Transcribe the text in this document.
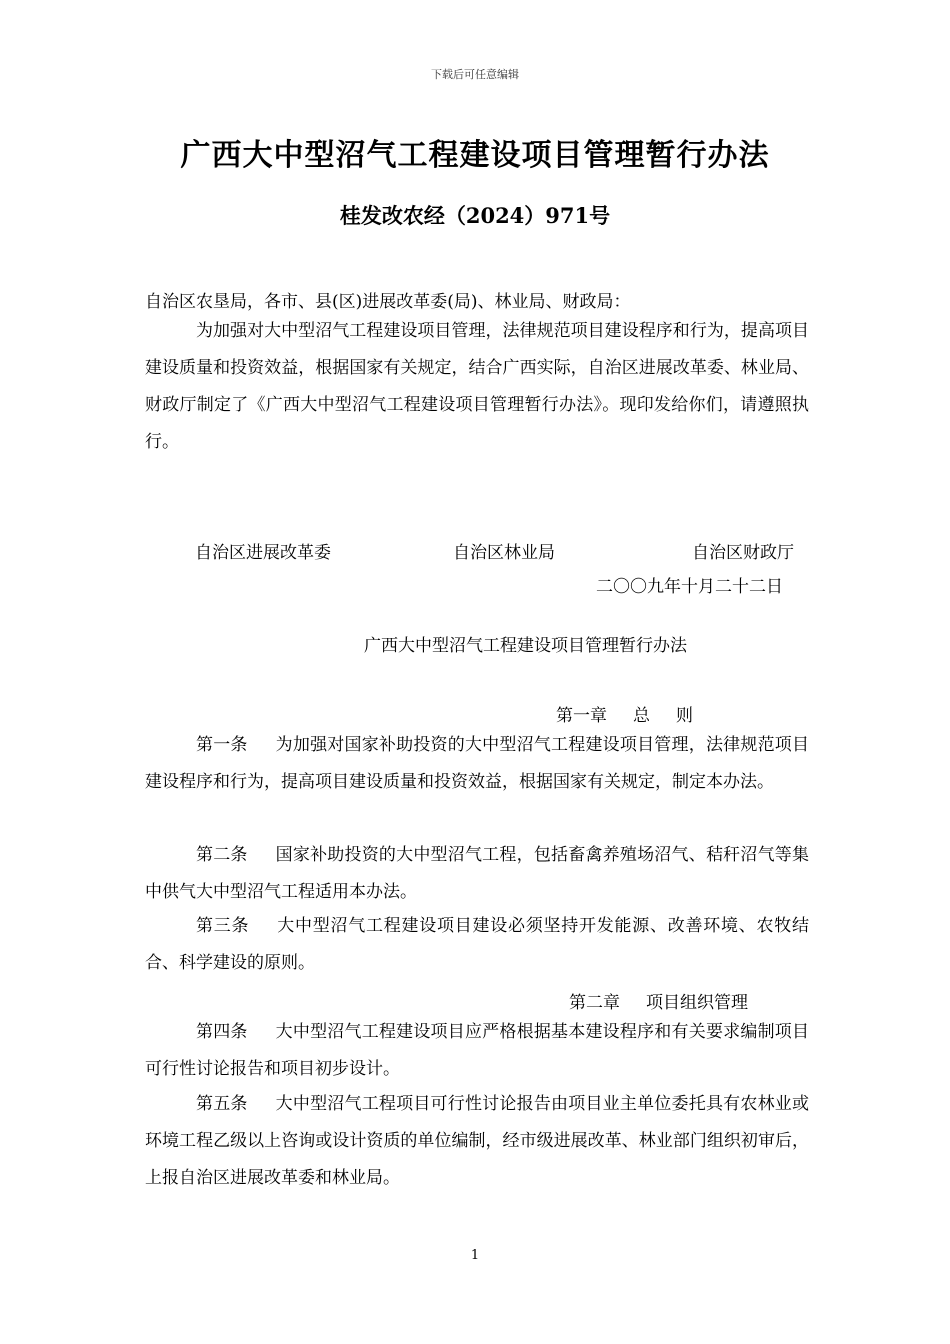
下载后可任意编辑
广西大中型沼气工程建设项目管理暂行办法
桂发改农经（2024）971号
自治区农垦局，各市、县(区)进展改革委(局)、林业局、财政局：
为加强对大中型沼气工程建设项目管理，法律规范项目建设程序和行为，提高项目建设质量和投资效益，根据国家有关规定，结合广西实际，自治区进展改革委、林业局、财政厅制定了《广西大中型沼气工程建设项目管理暂行办法》。现印发给你们，请遵照执行。
自治区进展改革委	自治区林业局	自治区财政厅
二〇〇九年十月二十二日
广西大中型沼气工程建设项目管理暂行办法
第一章 总 则
第一条 为加强对国家补助投资的大中型沼气工程建设项目管理，法律规范项目建设程序和行为，提高项目建设质量和投资效益，根据国家有关规定，制定本办法。
第二条 国家补助投资的大中型沼气工程，包括畜禽养殖场沼气、秸秆沼气等集中供气大中型沼气工程适用本办法。
第三条 大中型沼气工程建设项目建设必须坚持开发能源、改善环境、农牧结合、科学建设的原则。
第二章 项目组织管理
第四条 大中型沼气工程建设项目应严格根据基本建设程序和有关要求编制项目可行性讨论报告和项目初步设计。
第五条 大中型沼气工程项目可行性讨论报告由项目业主单位委托具有农林业或环境工程乙级以上咨询或设计资质的单位编制，经市级进展改革、林业部门组织初审后，上报自治区进展改革委和林业局。
1
